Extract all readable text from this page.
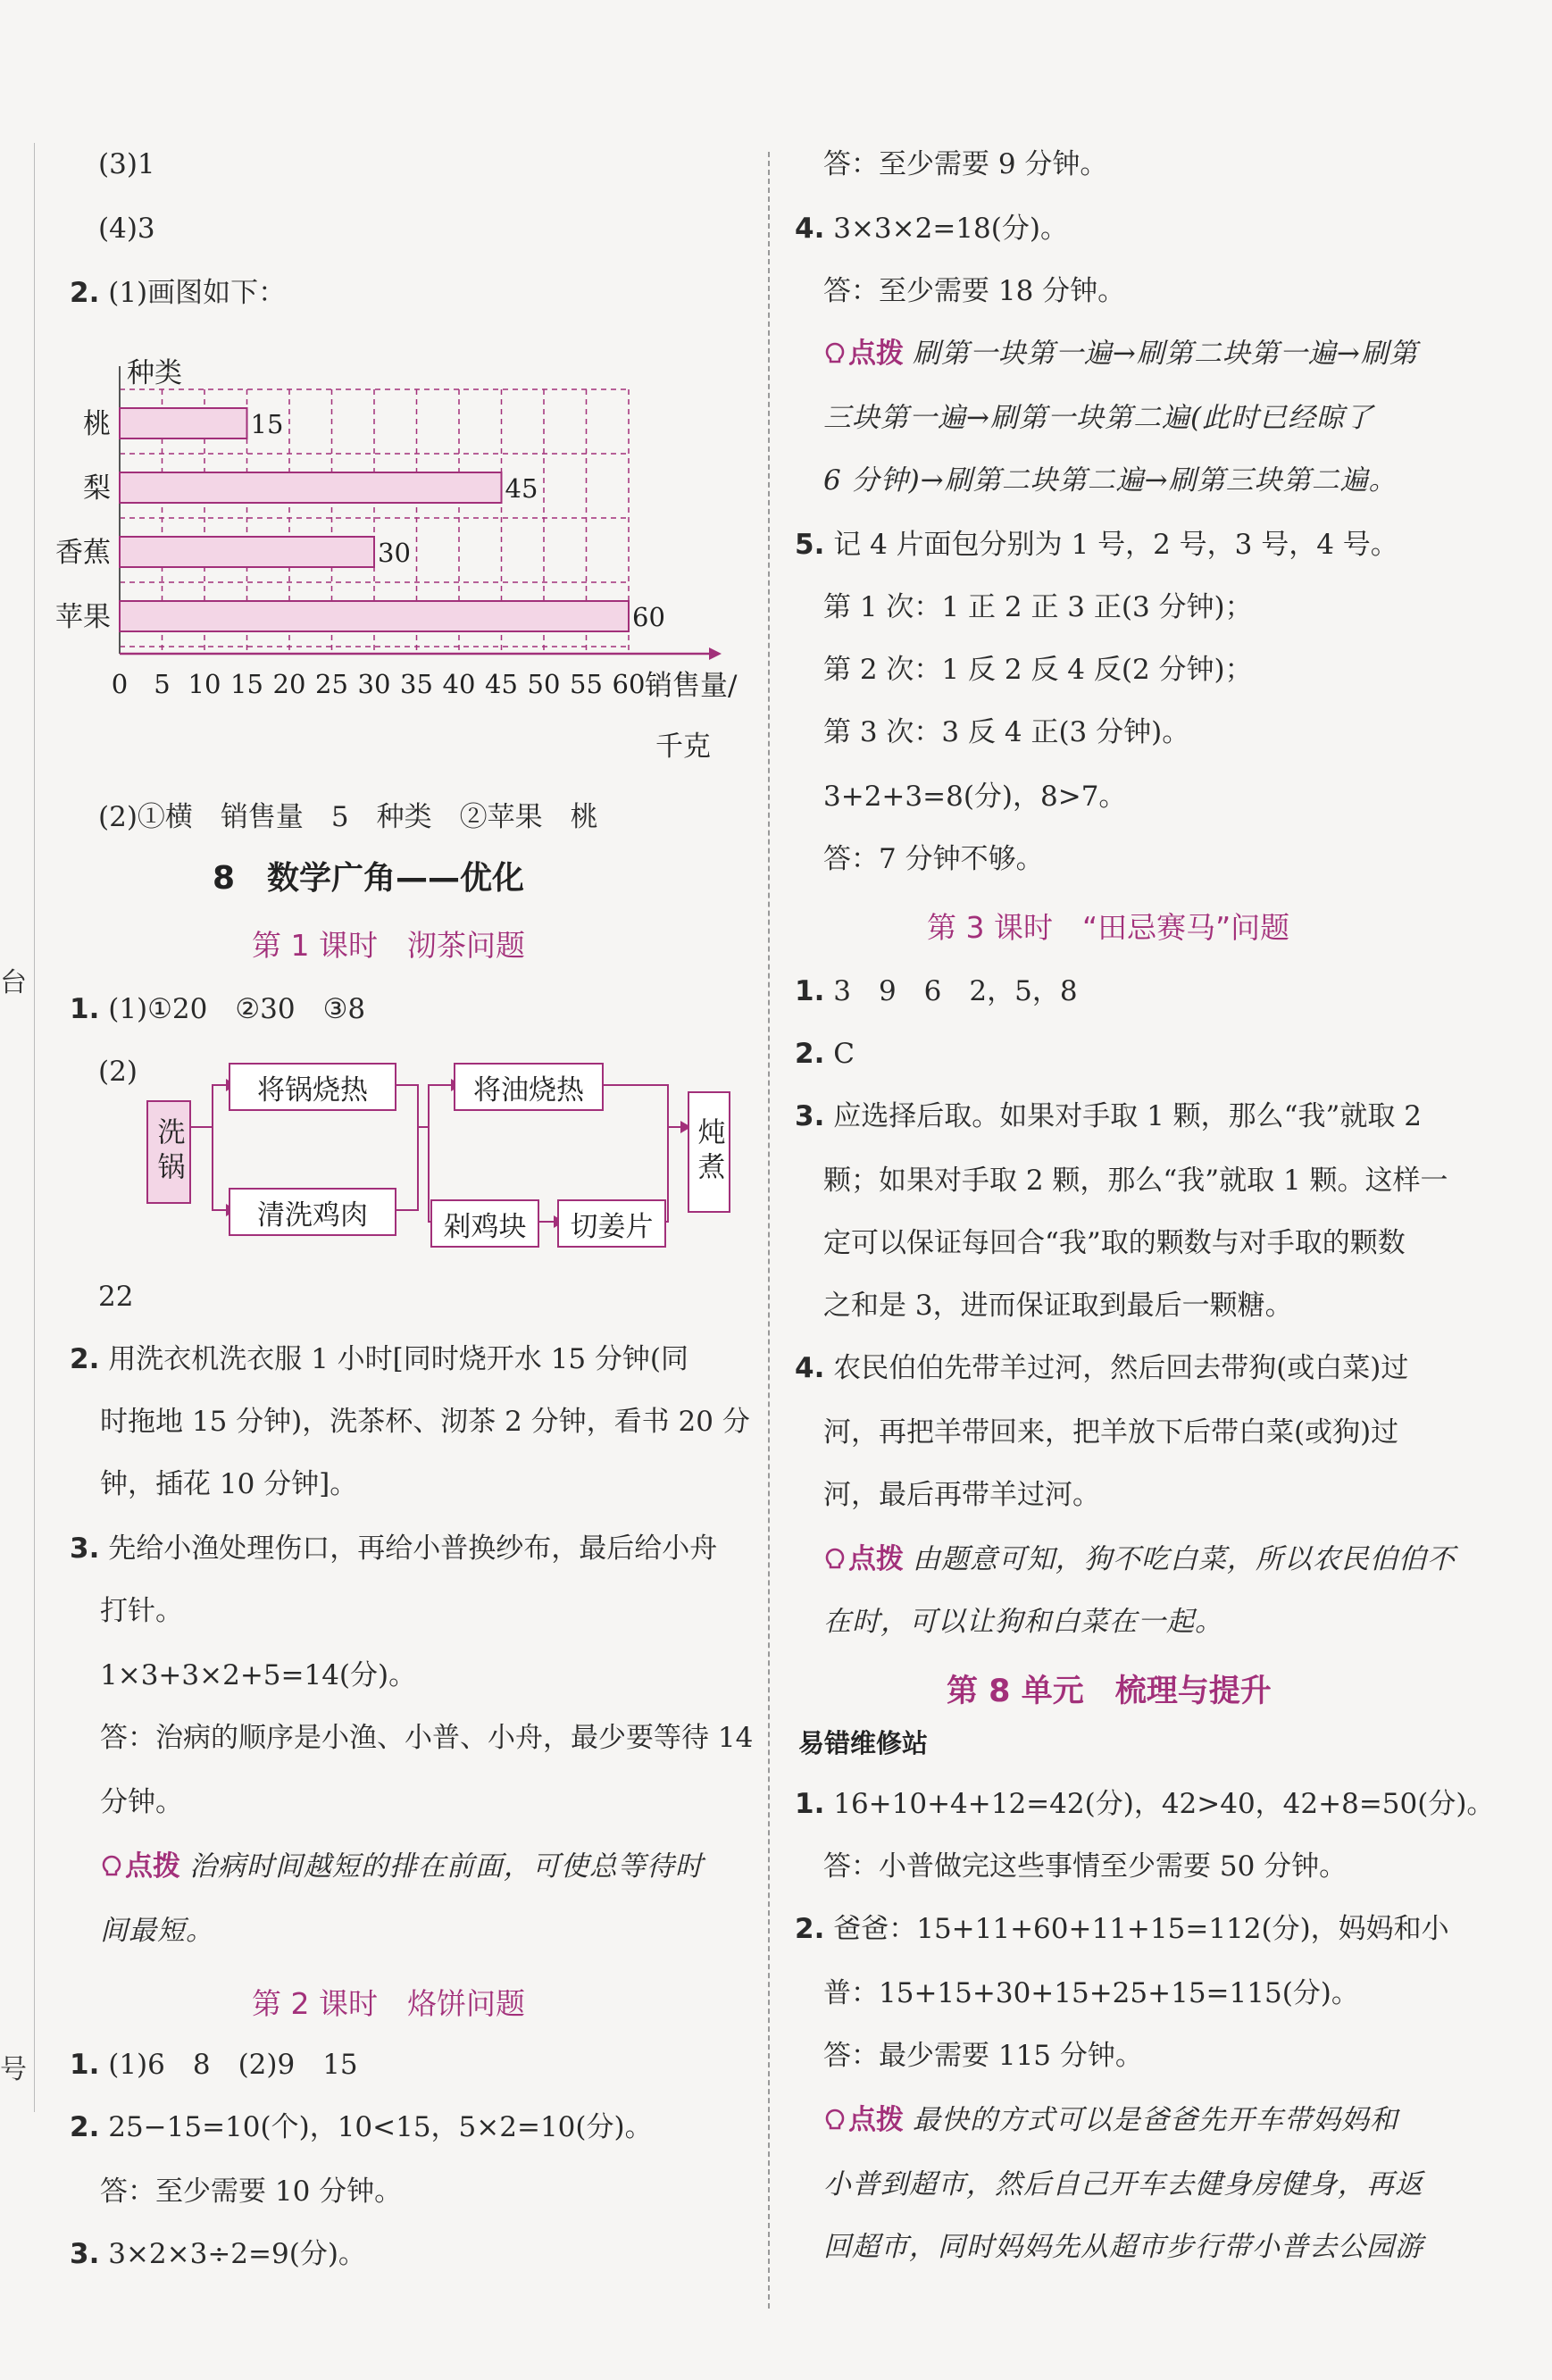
台
号
(3)1
(4)3
2. (1)画图如下：
种类
桃	15
梨	45
香蕉	30
苹果	60
0 5 10 15 20 25 30 35 40 45 50 55 60 销售量/
千克
(2)①横　销售量　5　种类　②苹果　桃
8　数学广角——优化
第 1 课时　沏茶问题
1. (1)①20　②30　③8
(2)
洗锅
将锅烧热
清洗鸡肉
将油烧热
剁鸡块	切姜片
炖煮
22
2. 用洗衣机洗衣服 1 小时[同时烧开水 15 分钟(同
时拖地 15 分钟)，洗茶杯、沏茶 2 分钟，看书 20 分
钟，插花 10 分钟]。
3. 先给小渔处理伤口，再给小普换纱布，最后给小舟
打针。
1×3+3×2+5=14(分)。
答：治病的顺序是小渔、小普、小舟，最少要等待 14
分钟。
点拨 治病时间越短的排在前面，可使总等待时
间最短。
第 2 课时　烙饼问题
1. (1)6　8　(2)9　15
2. 25−15=10(个)，10<15，5×2=10(分)。
答：至少需要 10 分钟。
3. 3×2×3÷2=9(分)。
答：至少需要 9 分钟。
4. 3×3×2=18(分)。
答：至少需要 18 分钟。
点拨 刷第一块第一遍→刷第二块第一遍→刷第
三块第一遍→刷第一块第二遍(此时已经晾了
6 分钟)→刷第二块第二遍→刷第三块第二遍。
5. 记 4 片面包分别为 1 号，2 号，3 号，4 号。
第 1 次：1 正 2 正 3 正(3 分钟)；
第 2 次：1 反 2 反 4 反(2 分钟)；
第 3 次：3 反 4 正(3 分钟)。
3+2+3=8(分)，8>7。
答：7 分钟不够。
第 3 课时　“田忌赛马”问题
1. 3　9　6　2，5，8
2. C
3. 应选择后取。如果对手取 1 颗，那么“我”就取 2
颗；如果对手取 2 颗，那么“我”就取 1 颗。这样一
定可以保证每回合“我”取的颗数与对手取的颗数
之和是 3，进而保证取到最后一颗糖。
4. 农民伯伯先带羊过河，然后回去带狗(或白菜)过
河，再把羊带回来，把羊放下后带白菜(或狗)过
河，最后再带羊过河。
点拨 由题意可知，狗不吃白菜，所以农民伯伯不
在时，可以让狗和白菜在一起。
第 8 单元　梳理与提升
易错维修站
1. 16+10+4+12=42(分)，42>40，42+8=50(分)。
答：小普做完这些事情至少需要 50 分钟。
2. 爸爸：15+11+60+11+15=112(分)，妈妈和小
普：15+15+30+15+25+15=115(分)。
答：最少需要 115 分钟。
点拨 最快的方式可以是爸爸先开车带妈妈和
小普到超市，然后自己开车去健身房健身，再返
回超市，同时妈妈先从超市步行带小普去公园游
